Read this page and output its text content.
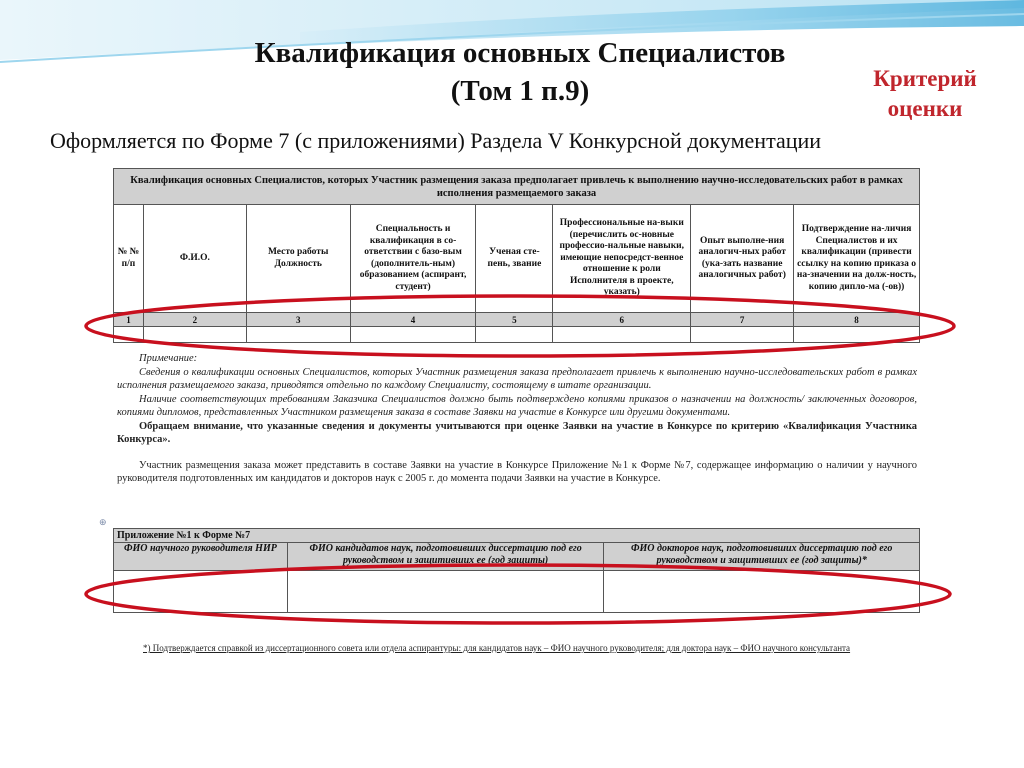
Квалификация основных Специалистов
(Том 1 п.9)	Критерий
оценки
Оформляется по Форме 7 (с приложениями) Раздела V Конкурсной документации
Квалификация основных Специалистов, которых Участник размещения заказа предполагает привлечь к выполнению научно-исследовательских работ в рамках исполнения размещаемого заказа							
№ № п/п	Ф.И.О.	Место работы Должность	Специальность и квалификация в со-ответствии с базо-вым (дополнитель-ным) образованием (аспирант, студент)	Ученая сте-пень, звание	Профессиональные на-выки (перечислить ос-новные профессио-нальные навыки, имеющие непосредст-венное отношение к роли Исполнителя в проекте, указать)	Опыт выполне-ния аналогич-ных работ (ука-зать название аналогичных работ)	Подтверждение на-личия Специалистов и их квалификации (привести ссылку на копию приказа о на-значении на долж-ность, копию дипло-ма (-ов))
1	2	3	4	5	6	7	8

Примечание:

Сведения о квалификации основных Специалистов, которых Участник размещения заказа предполагает привлечь к выполнению научно-исследовательских работ в рамках исполнения размещаемого заказа, приводятся отдельно по каждому Специалисту, состоящему в штате организации.

Наличие соответствующих требованиям Заказчика Специалистов должно быть подтверждено копиями приказов о назначении на должность/ заключенных договоров, копиями дипломов, представленных Участником размещения заказа в составе Заявки на участие в Конкурсе или другими документами.

Обращаем внимание, что указанные сведения и документы учитываются при оценке Заявки на участие в Конкурсе по критерию «Квалификация Участника Конкурса».

Участник размещения заказа может представить в составе Заявки на участие в Конкурсе Приложение №1 к Форме №7, содержащее информацию о наличии у научного руководителя подготовленных им кандидатов и докторов наук с 2005 г. до момента подачи Заявки на участие в Конкурсе.

⊕
Приложение №1 к Форме №7		
ФИО научного руководителя НИР	ФИО кандидатов наук, подготовивших диссертацию под его руководством и защитивших ее (год защиты)	ФИО докторов наук, подготовивших диссертацию под его руководством и защитивших ее (год защиты)*

*) Подтверждается справкой из диссертационного совета или отдела аспирантуры: для кандидатов наук – ФИО научного руководителя; для доктора наук – ФИО научного консультанта
